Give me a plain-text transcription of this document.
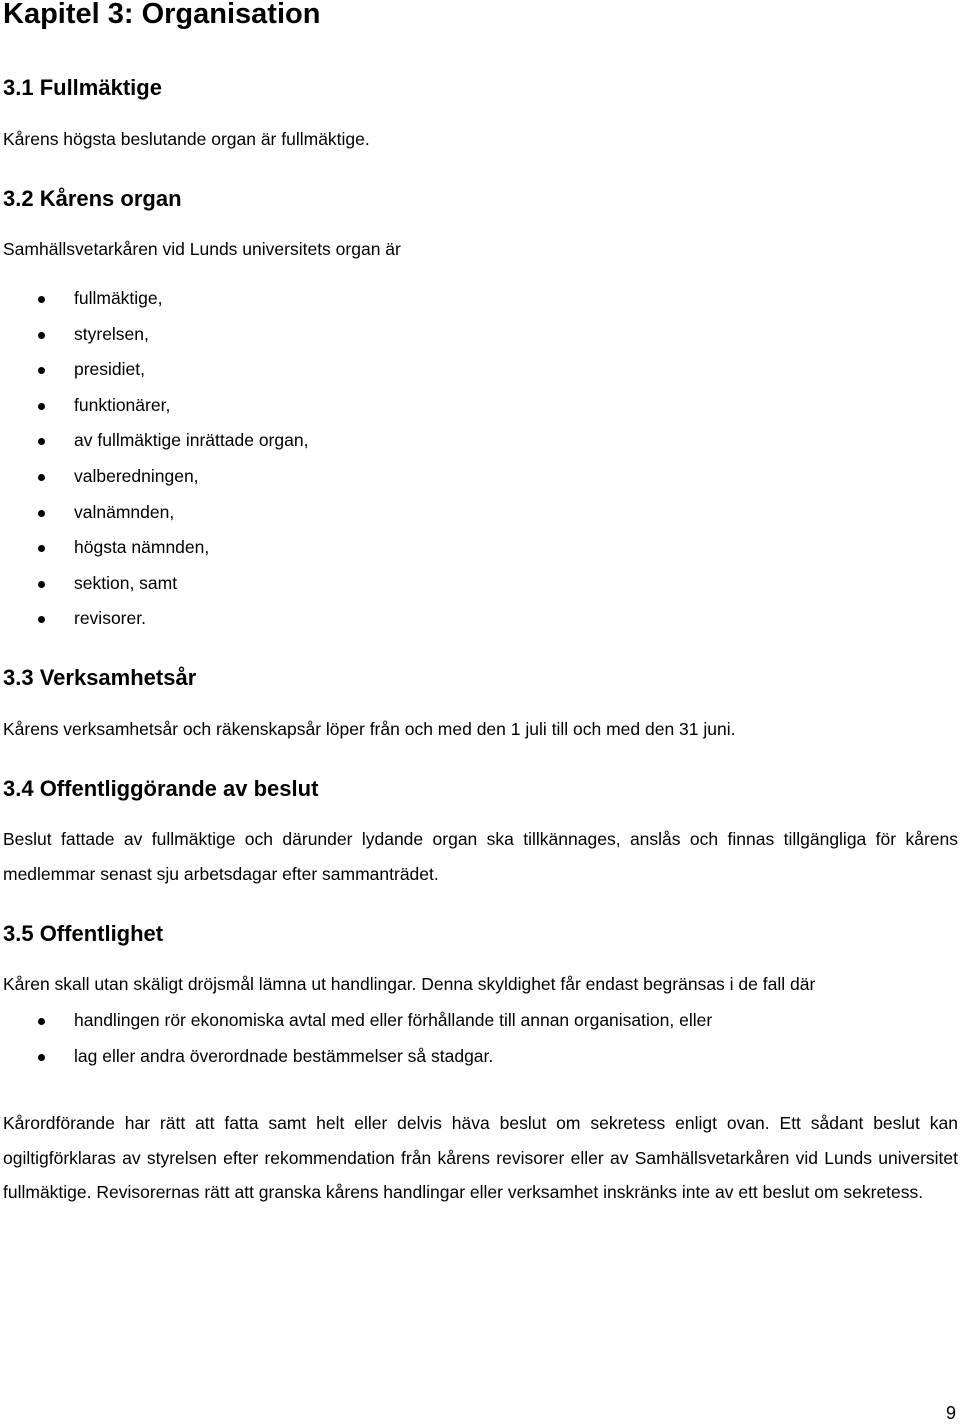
Kapitel 3: Organisation
3.1 Fullmäktige

Kårens högsta beslutande organ är fullmäktige.

3.2 Kårens organ

Samhällsvetarkåren vid Lunds universitets organ är

fullmäktige,
styrelsen,
presidiet,
funktionärer,
av fullmäktige inrättade organ,
valberedningen,
valnämnden,
högsta nämnden,
sektion, samt
revisorer.
3.3 Verksamhetsår

Kårens verksamhetsår och räkenskapsår löper från och med den 1 juli till och med den 31 juni.

3.4 Offentliggörande av beslut

Beslut fattade av fullmäktige och därunder lydande organ ska tillkännages, anslås och finnas tillgängliga för kårens medlemmar senast sju arbetsdagar efter sammanträdet.

3.5 Offentlighet

Kåren skall utan skäligt dröjsmål lämna ut handlingar. Denna skyldighet får endast begränsas i de fall där

handlingen rör ekonomiska avtal med eller förhållande till annan organisation, eller
lag eller andra överordnade bestämmelser så stadgar.

Kårordförande har rätt att fatta samt helt eller delvis häva beslut om sekretess enligt ovan. Ett sådant beslut kan ogiltigförklaras av styrelsen efter rekommendation från kårens revisorer eller av Samhällsvetarkåren vid Lunds universitet fullmäktige. Revisorernas rätt att granska kårens handlingar eller verksamhet inskränks inte av ett beslut om sekretess.

9
